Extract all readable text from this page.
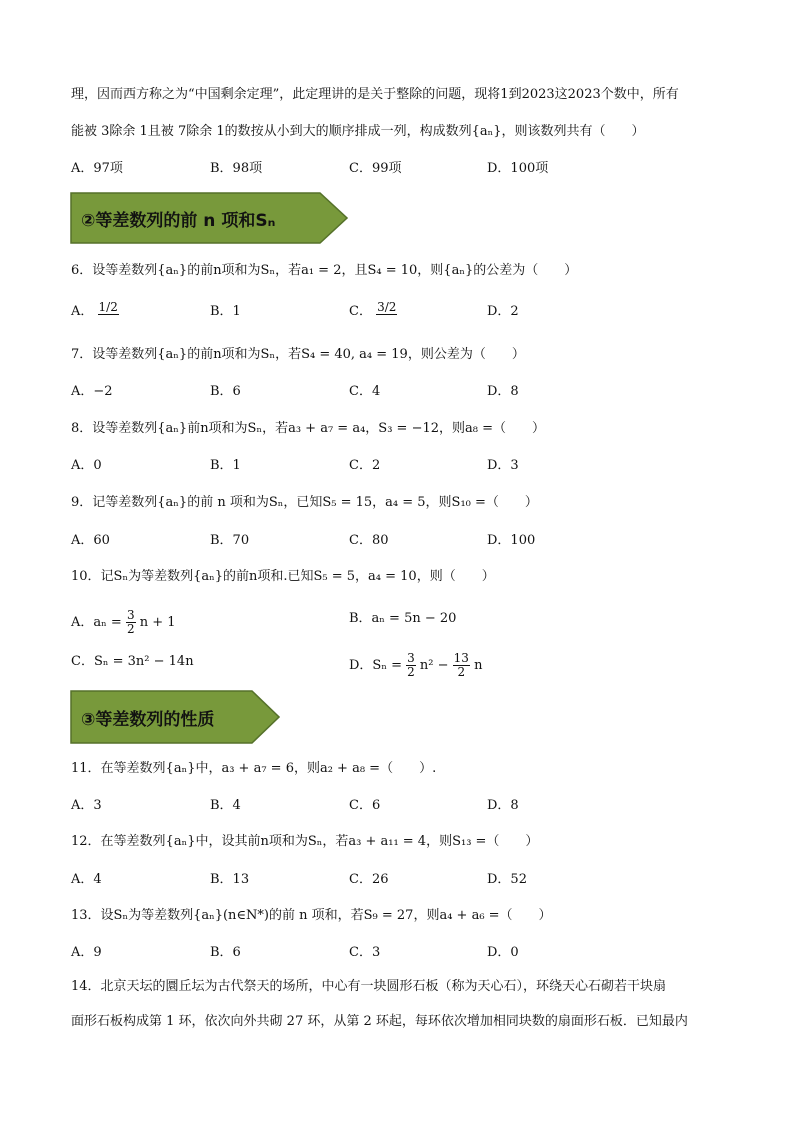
理，因而西方称之为“中国剩余定理”，此定理讲的是关于整除的问题，现将1到2023这2023个数中，所有
能被 3除余 1且被 7除余 1的数按从小到大的顺序排成一列，构成数列{aₙ}，则该数列共有（　　）
A．97项	B．98项	C．99项	D．100项
②等差数列的前 n 项和Sₙ
6．设等差数列{aₙ}的前n项和为Sₙ，若a₁ = 2，且S₄ = 10，则{aₙ}的公差为（　　）
A． 1/2	B．1	C． 3/2	D．2
7．设等差数列{aₙ}的前n项和为Sₙ，若S₄ = 40, a₄ = 19，则公差为（　　）
A．−2	B．6	C．4	D．8
8．设等差数列{aₙ}前n项和为Sₙ，若a₃ + a₇ = a₄，S₃ = −12，则a₈ =（　　）
A．0	B．1	C．2	D．3
9．记等差数列{aₙ}的前 n 项和为Sₙ，已知S₅ = 15，a₄ = 5，则S₁₀ =（　　）
A．60	B．70	C．80	D．100
10．记Sₙ为等差数列{aₙ}的前n项和.已知S₅ = 5，a₄ = 10，则（　　）
A．$a_n = \frac{3}{2}$ n + 1	B．aₙ = 5n − 20
C．Sₙ = 3n² − 14n	D．$S_n = \frac{3}{2} n^2 - \frac{13}{2}$ n
③等差数列的性质
11．在等差数列{aₙ}中，a₃ + a₇ = 6，则a₂ + a₈ =（　　）.
A．3	B．4	C．6	D．8
12．在等差数列{aₙ}中，设其前n项和为Sₙ，若a₃ + a₁₁ = 4，则S₁₃ =（　　）
A．4	B．13	C．26	D．52
13．设Sₙ为等差数列{aₙ}(n∈N*)的前 n 项和，若S₉ = 27，则a₄ + a₆ =（　　）
A．9	B．6	C．3	D．0
14．北京天坛的圜丘坛为古代祭天的场所，中心有一块圆形石板（称为天心石），环绕天心石砌若干块扇
面形石板构成第 1 环，依次向外共砌 27 环，从第 2 环起，每环依次增加相同块数的扇面形石板．已知最内
